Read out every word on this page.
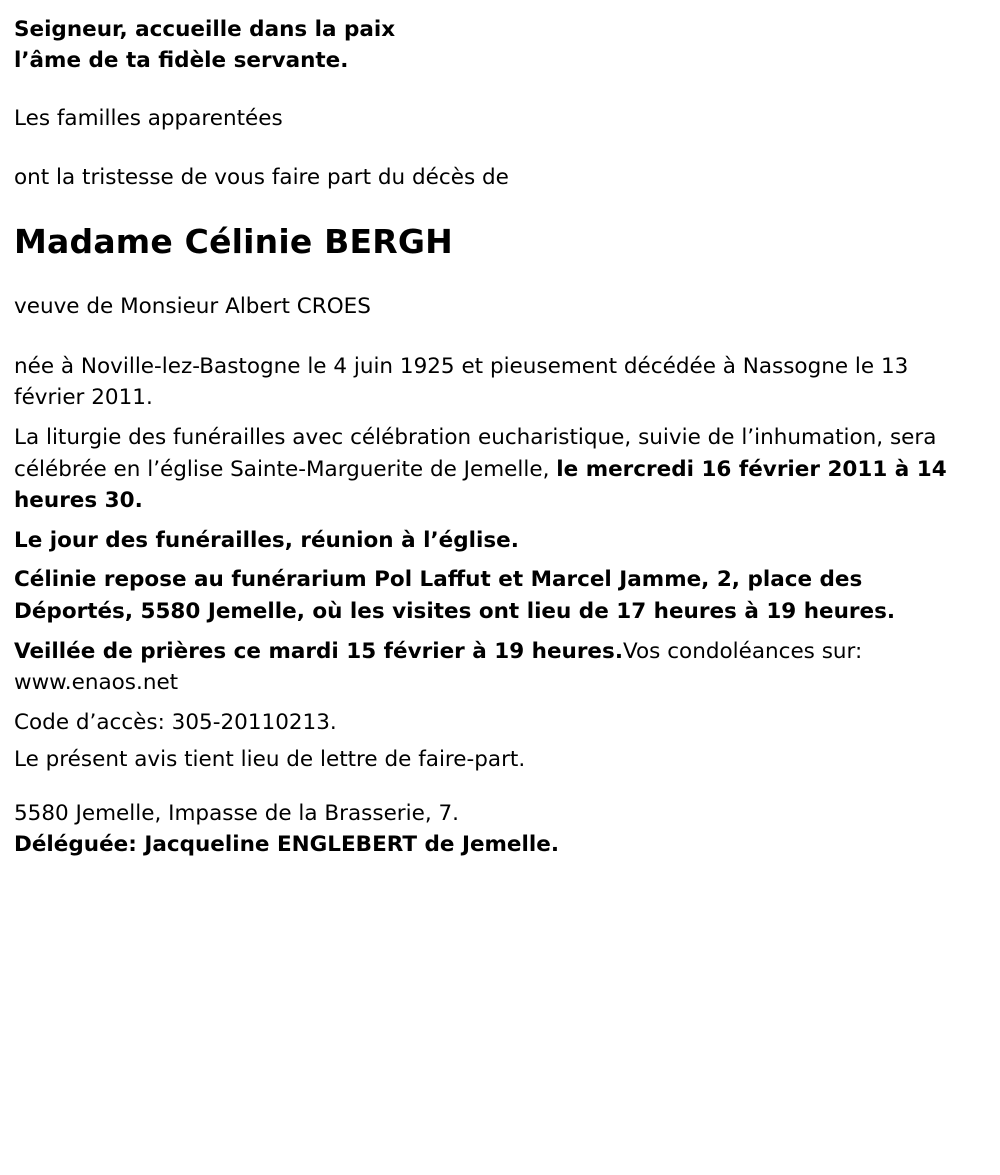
Seigneur, accueille dans la paix
l’âme de ta fidèle servante.
Les familles apparentées
ont la tristesse de vous faire part du décès de
Madame Célinie BERGH
veuve de Monsieur Albert CROES
née à Noville-lez-Bastogne le 4 juin 1925 et pieusement décédée à Nassogne le 13 février 2011.

La liturgie des funérailles avec célébration eucharistique, suivie de l’inhumation, sera célébrée en l’église Sainte-Marguerite de Jemelle, le mercredi 16 février 2011 à 14 heures 30.

Le jour des funérailles, réunion à l’église.
Célinie repose au funérarium Pol Laffut et Marcel Jamme, 2, place des Déportés, 5580 Jemelle, où les visites ont lieu de 17 heures à 19 heures.

Veillée de prières ce mardi 15 février à 19 heures.Vos condoléances sur: www.enaos.net

Code d’accès: 305-20110213.
Le présent avis tient lieu de lettre de faire-part.
5580 Jemelle, Impasse de la Brasserie, 7.
Déléguée: Jacqueline ENGLEBERT de Jemelle.
